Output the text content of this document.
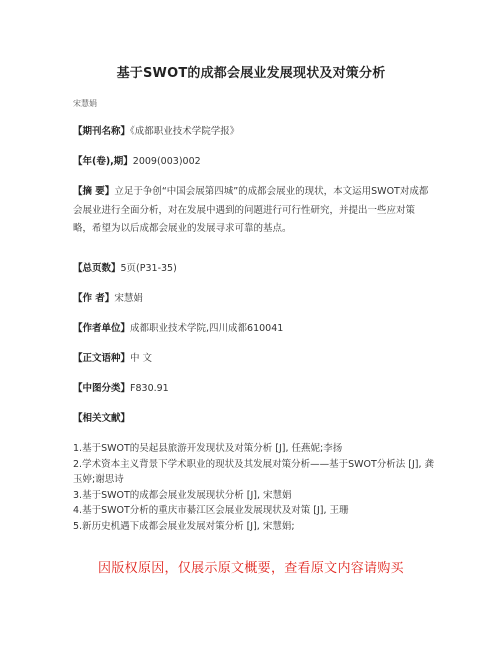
基于SWOT的成都会展业发展现状及对策分析
宋慧娟
【期刊名称】《成都职业技术学院学报》
【年(卷),期】2009(003)002
【摘 要】立足于争创“中国会展第四城”的成都会展业的现状，本文运用SWOT对成都会展业进行全面分析，对在发展中遇到的问题进行可行性研究，并提出一些应对策略，希望为以后成都会展业的发展寻求可靠的基点。
【总页数】5页(P31-35)
【作 者】宋慧娟
【作者单位】成都职业技术学院,四川成都610041
【正文语种】中 文
【中图分类】F830.91
【相关文献】
1.基于SWOT的吴起县旅游开发现状及对策分析 [J], 任燕妮;李扬
2.学术资本主义背景下学术职业的现状及其发展对策分析——基于SWOT分析法 [J], 龚玉婷;谢思诗
3.基于SWOT的成都会展业发展现状分析 [J], 宋慧娟
4.基于SWOT分析的重庆市綦江区会展业发展现状及对策 [J], 王珊
5.新历史机遇下成都会展业发展对策分析 [J], 宋慧娟;
因版权原因，仅展示原文概要，查看原文内容请购买
